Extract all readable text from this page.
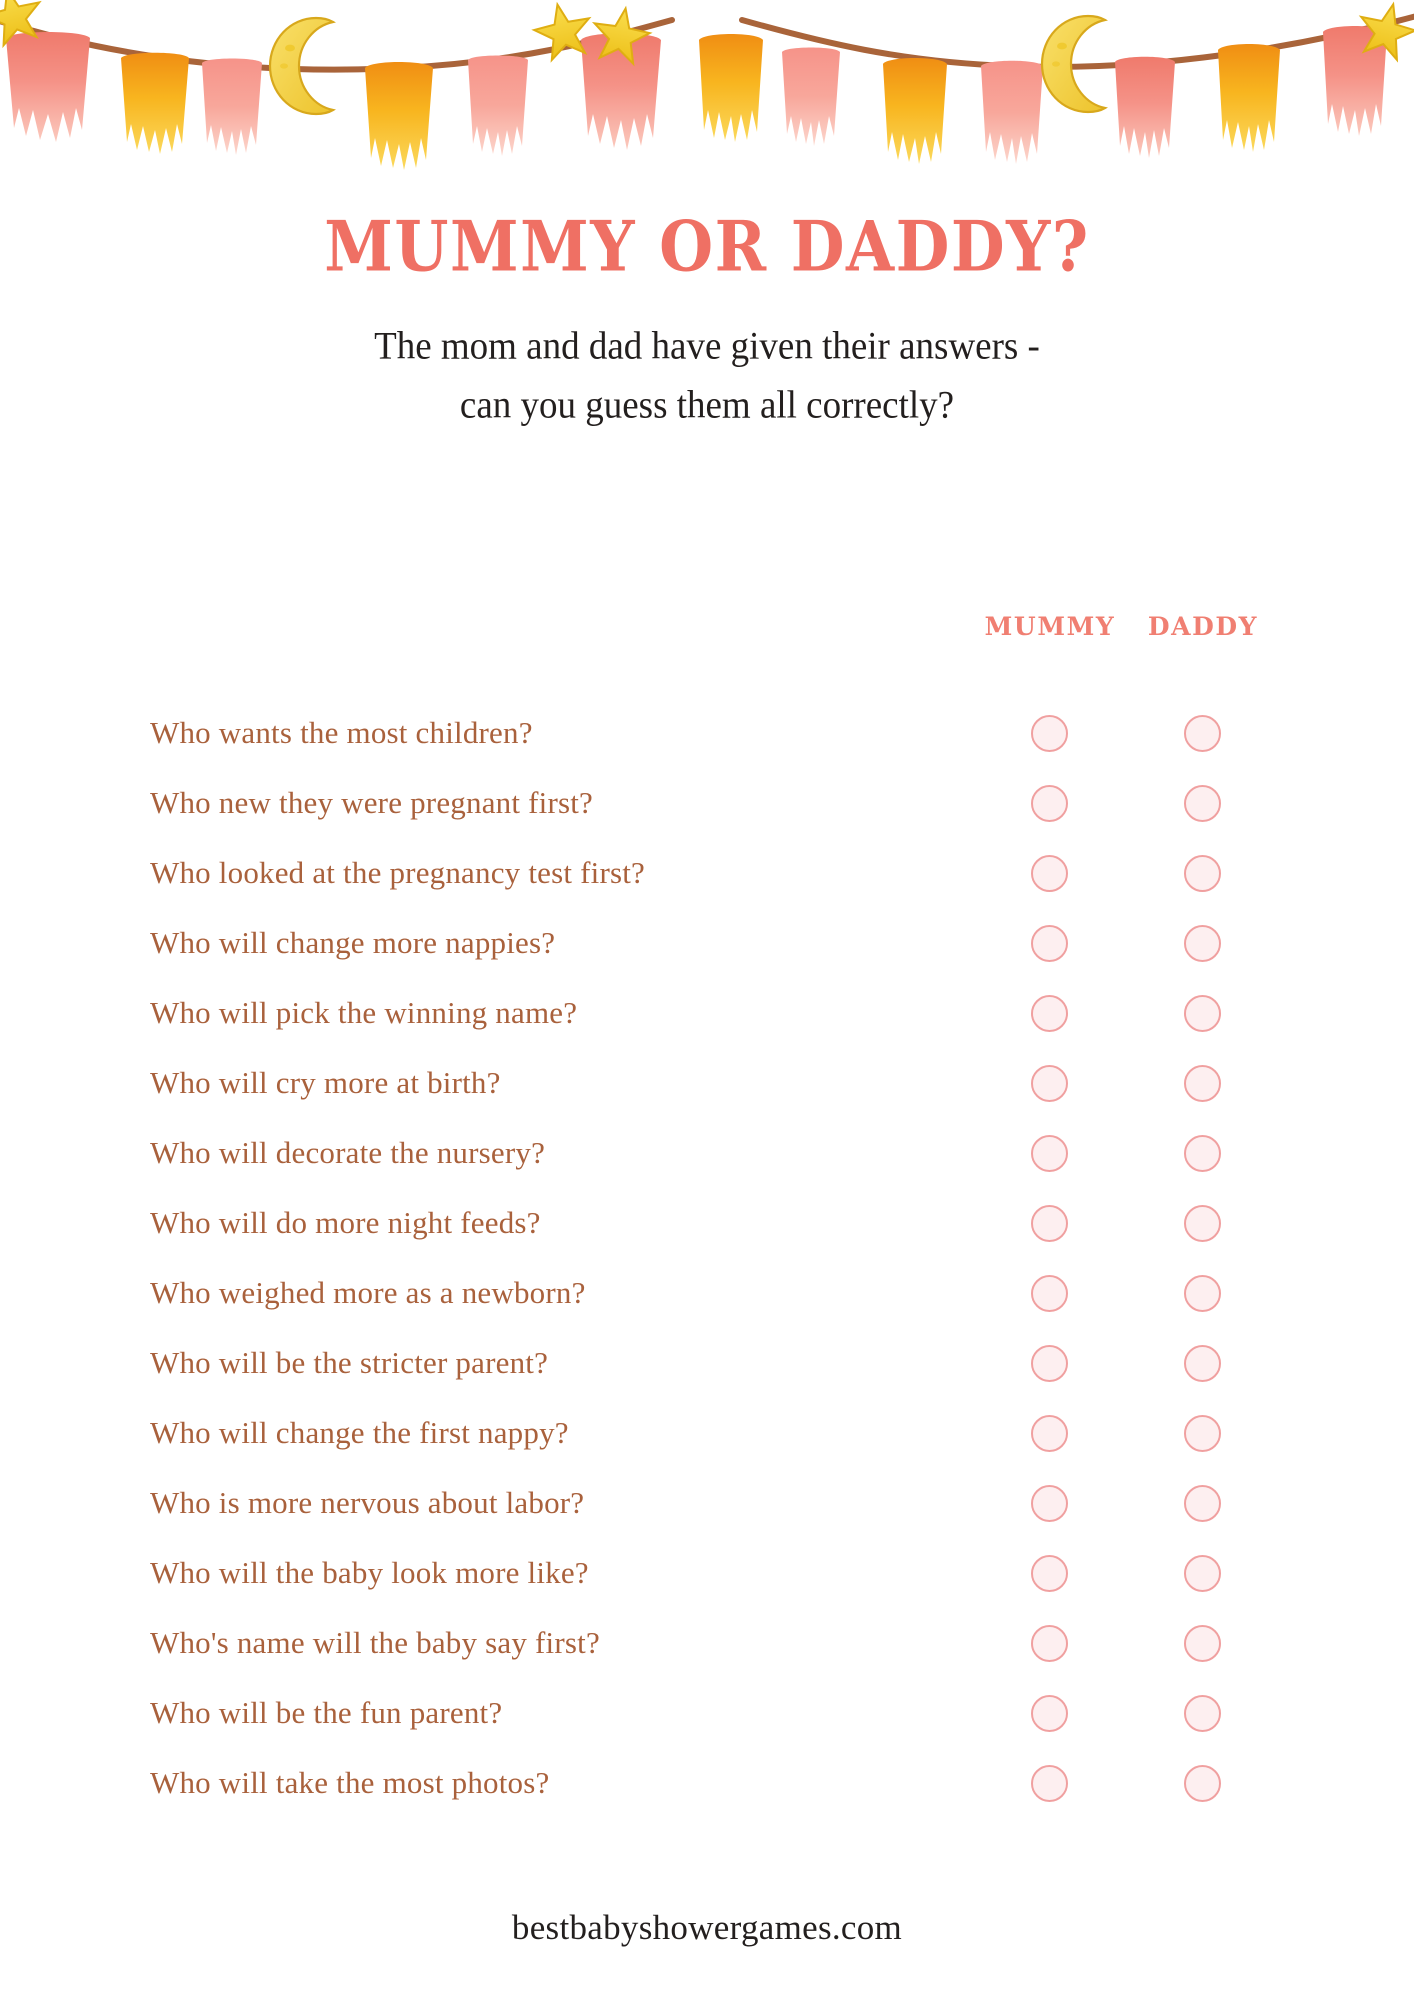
MUMMY OR DADDY?
The mom and dad have given their answers -
can you guess them all correctly?
MUMMY	DADDY
Who wants the most children?
Who new they were pregnant first?
Who looked at the pregnancy test first?
Who will change more nappies?
Who will pick the winning name?
Who will cry more at birth?
Who will decorate the nursery?
Who will do more night feeds?
Who weighed more as a newborn?
Who will be the stricter parent?
Who will change the first nappy?
Who is more nervous about labor?
Who will the baby look more like?
Who's name will the baby say first?
Who will be the fun parent?
Who will take the most photos?
bestbabyshowergames.com
